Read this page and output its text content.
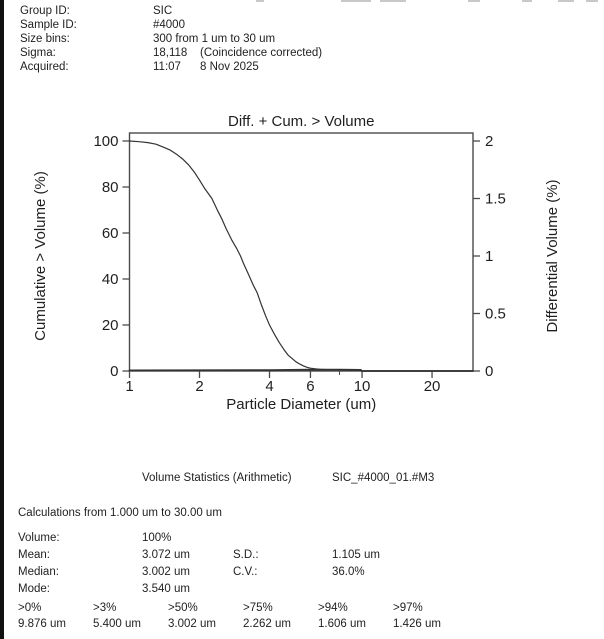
Group ID:	SIC
Sample ID:	#4000
Size bins:	300 from 1 um to 30 um
Sigma:	18,118 (Coincidence corrected)
Acquired:	11:07 8 Nov 2025
Diff. + Cum. > Volume
1	2	4 6	10	20
0
20
40
60
80
100
0
0.5
1
1.5
2
Particle Diameter (um)
Cumulative > Volume (%)	Differential Volume (%)
Volume Statistics (Arithmetic)	SIC_#4000_01.#M3
Calculations from 1.000 um to 30.00 um
Volume:	100%
Mean:	3.072 um	S.D.:	1.105 um
Median:	3.002 um	C.V.:	36.0%
Mode:	3.540 um
>0%	>3%	>50%	>75%	>94%	>97%
9.876 um	5.400 um	3.002 um	2.262 um	1.606 um	1.426 um
